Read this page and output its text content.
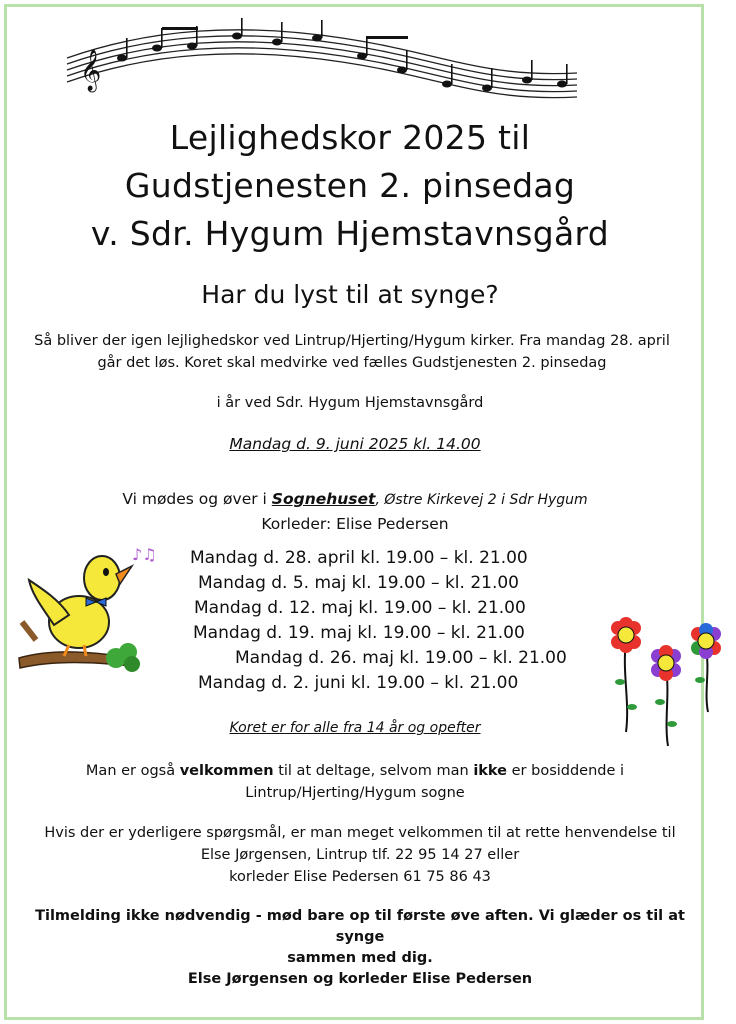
𝄞
Lejlighedskor 2025 til
Gudstjenesten 2. pinsedag
v. Sdr. Hygum Hjemstavnsgård
Har du lyst til at synge?
Så bliver der igen lejlighedskor ved Lintrup/Hjerting/Hygum kirker. Fra mandag 28. april går det løs. Koret skal medvirke ved fælles Gudstjenesten 2. pinsedag
i år ved Sdr. Hygum Hjemstavnsgård
Mandag d. 9. juni 2025 kl. 14.00
Vi mødes og øver i Sognehuset, Østre Kirkevej 2 i Sdr Hygum
Korleder: Elise Pedersen
♪♫ Mandag d. 28. april kl. 19.00 – kl. 21.00
Mandag d. 5. maj kl. 19.00 – kl. 21.00
Mandag d. 12. maj kl. 19.00 – kl. 21.00
Mandag d. 19. maj kl. 19.00 – kl. 21.00
Mandag d. 26. maj kl. 19.00 – kl. 21.00
Mandag d. 2. juni kl. 19.00 – kl. 21.00
Koret er for alle fra 14 år og opefter
Man er også velkommen til at deltage, selvom man ikke er bosiddende i
Lintrup/Hjerting/Hygum sogne
Hvis der er yderligere spørgsmål, er man meget velkommen til at rette henvendelse til
Else Jørgensen, Lintrup tlf. 22 95 14 27 eller
korleder Elise Pedersen 61 75 86 43
Tilmelding ikke nødvendig - mød bare op til første øve aften. Vi glæder os til at synge
sammen med dig.
Else Jørgensen og korleder Elise Pedersen
